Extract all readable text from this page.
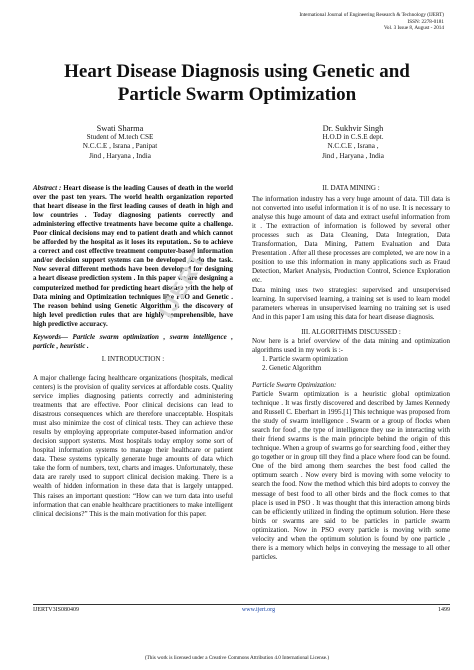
International Journal of Engineering Research & Technology (IJERT)
ISSN: 2278-0181
Vol. 3 Issue 8, August - 2014
Heart Disease Diagnosis using Genetic and Particle Swarm Optimization
Swati Sharma
Student of M.tech CSE
N.C.C.E , Israna , Panipat
Jind , Haryana , India
Dr. Sukhvir Singh
H.O.D in C.S.E dept.
N.C.C.E , Israna ,
Jind , Haryana , India

Abstract : Heart disease is the leading Causes of death in the world over the past ten years. The world health organization reported that heart disease in the first leading causes of death in high and low countries . Today diagnosing patients correctly and administering effective treatments have become quite a challenge. Poor clinical decisions may end to patient death and which cannot be afforded by the hospital as it loses its reputation.. So to achieve a correct and cost effective treatment computer-based information and/or decision support systems can be developed to do the task. Now several different methods have been developed for designing a heart disease prediction system . In this paper we are designing a computerized method for predicting heart disease with the help of Data mining and Optimization techniques like PSO and Genetic . The reason behind using Genetic Algorithm is the discovery of high level prediction rules that are highly comprehensible, have high predictive accuracy.

Keywords— Particle swarm optimization , swarm intelligence , particle , heuristic .

I. INTRODUCTION :

A major challenge facing healthcare organizations (hospitals, medical centers) is the provision of quality services at affordable costs. Quality service implies diagnosing patients correctly and administering treatments that are effective. Poor clinical decisions can lead to disastrous consequences which are therefore unacceptable. Hospitals must also minimize the cost of clinical tests. They can achieve these results by employing appropriate computer-based information and/or decision support systems. Most hospitals today employ some sort of hospital information systems to manage their healthcare or patient data. These systems typically generate huge amounts of data which take the form of numbers, text, charts and images. Unfortunately, these data are rarely used to support clinical decision making. There is a wealth of hidden information in these data that is largely untapped. This raises an important question: “How can we turn data into useful information that can enable healthcare practitioners to make intelligent clinical decisions?” This is the main motivation for this paper.

II. DATA MINING :

The information industry has a very huge amount of data. Till data is not converted into useful information it is of no use. It is necessary to analyse this huge amount of data and extract useful information from it . The extraction of information is followed by several other processes such as Data Cleaning, Data Integration, Data Transformation, Data Mining, Pattern Evaluation and Data Presentation . After all these processes are completed, we are now in a position to use this information in many applications such as Fraud Detection, Market Analysis, Production Control, Science Exploration etc.

Data mining uses two strategies: supervised and unsupervised learning. In supervised learning, a training set is used to learn model parameters whereas in unsupervised learning no training set is used And in this paper I am using this data for heart disease diagnosis.

III. ALGORITHMS DISCUSSED :

Now here is a brief overview of the data mining and optimization algorithms used in my work is :-

1. Particle swarm optimization

2. Genetic Algorithm

Particle Swarm Optimization:

Particle Swarm optimization is a heuristic global optimization technique . It was firstly discovered and described by James Kennedy and Russell C. Eberhart in 1995.[1] This technique was proposed from the study of swarm intelligence . Swarm or a group of flocks when search for food , the type of intelligence they use in interacting with their friend swarms is the main principle behind the origin of this technique. When a group of swarms go for searching food , either they go together or in group till they find a place where food can be found. One of the bird among them searches the best food called the optimum search . Now every bird is moving with some velocity to search the food. Now the method which this bird adopts to convey the message of best food to all other birds and the flock comes to that place is used in PSO . It was thought that this interaction among birds can be efficiently utilized in finding the optimum solution. Here these birds or swarms are said to be particles in particle swarm optimization. Now in PSO every particle is moving with some velocity and when the optimum solution is found by one particle , there is a memory which helps in conveying the message to all other particles.

IJERT
IJERTV3IS080409	www.ijert.org	1499
(This work is licensed under a Creative Commons Attribution 4.0 International License.)
